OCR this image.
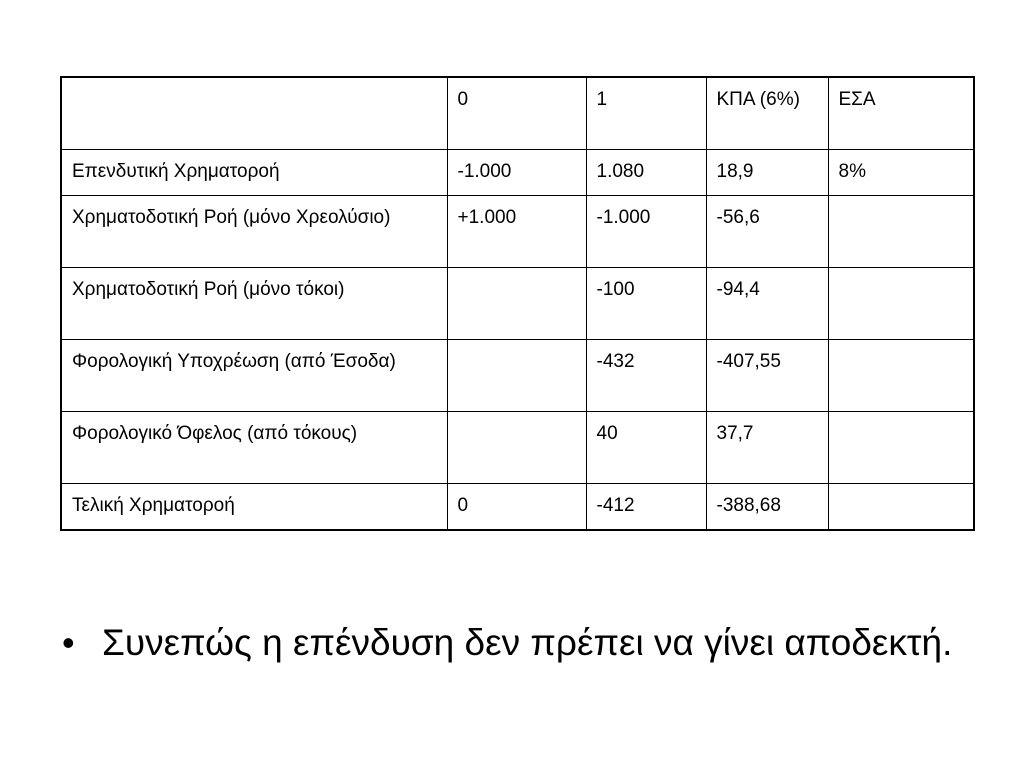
	0	1	ΚΠΑ (6%)	ΕΣΑ
Επενδυτική Χρηματοροή	-1.000	1.080	18,9	8%
Χρηματοδοτική Ροή (μόνο Χρεολύσιο)	+1.000	-1.000	-56,6	
Χρηματοδοτική Ροή (μόνο τόκοι)		-100	-94,4	
Φορολογική Υποχρέωση (από Έσοδα)		-432	-407,55	
Φορολογικό Όφελος (από τόκους)		40	37,7	
Τελική Χρηματοροή	0	-412	-388,68	
• Συνεπώς η επένδυση δεν πρέπει να γίνει αποδεκτή.
